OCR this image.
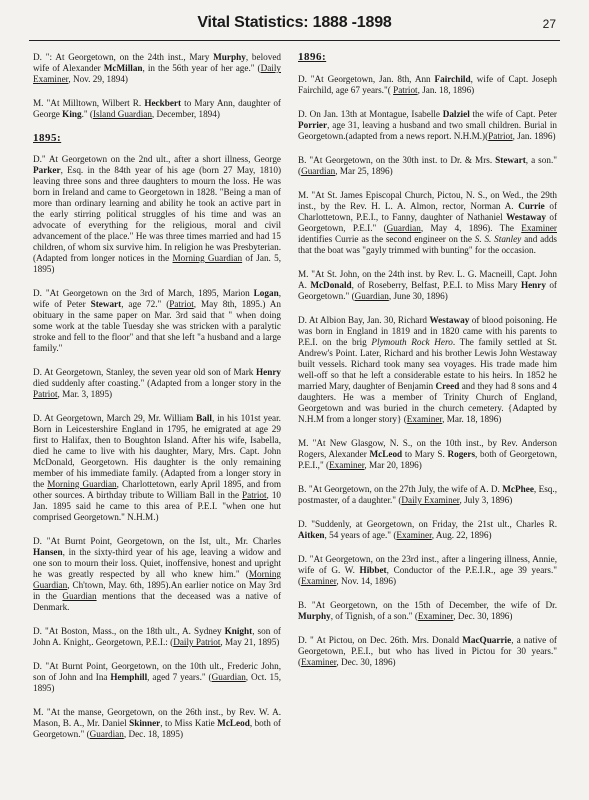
Vital Statistics: 1888 -1898	27

D. ": At Georgetown, on the 24th inst., Mary Murphy, beloved wife of Alexander McMillan, in the 56th year of her age." (Daily Examiner, Nov. 29, 1894)

M. "At Milltown, Wilbert R. Heckbert to Mary Ann, daughter of George King." (Island Guardian, December, 1894)

1895:

D." At Georgetown on the 2nd ult., after a short illness, George Parker, Esq. in the 84th year of his age (born 27 May, 1810) leaving three sons and three daughters to mourn the loss. He was born in Ireland and came to Georgetown in 1828. "Being a man of more than ordinary learning and ability he took an active part in the early stirring political struggles of his time and was an advocate of everything for the religious, moral and civil advancement of the place." He was three times married and had 15 children, of whom six survive him. In religion he was Presbyterian. (Adapted from longer notices in the Morning Guardian of Jan. 5, 1895)

D. "At Georgetown on the 3rd of March, 1895, Marion Logan, wife of Peter Stewart, age 72." (Patriot, May 8th, 1895.) An obituary in the same paper on Mar. 3rd said that " when doing some work at the table Tuesday she was stricken with a paralytic stroke and fell to the floor" and that she left "a husband and a large family."

D. At Georgetown, Stanley, the seven year old son of Mark Henry died suddenly after coasting." (Adapted from a longer story in the Patriot, Mar. 3, 1895)

D. At Georgetown, March 29, Mr. William Ball, in his 101st year. Born in Leicestershire England in 1795, he emigrated at age 29 first to Halifax, then to Boughton Island. After his wife, Isabella, died he came to live with his daughter, Mary, Mrs. Capt. John McDonald, Georgetown. His daughter is the only remaining member of his immediate family. (Adapted from a longer story in the Morning Guardian, Charlottetown, early April 1895, and from other sources. A birthday tribute to William Ball in the Patriot, 10 Jan. 1895 said he came to this area of P.E.I. "when one hut comprised Georgetown." N.H.M.)

D. "At Burnt Point, Georgetown, on the Ist, ult., Mr. Charles Hansen, in the sixty-third year of his age, leaving a widow and one son to mourn their loss. Quiet, inoffensive, honest and upright he was greatly respected by all who knew him." (Morning Guardian, Ch'town, May. 6th, 1895).An earlier notice on May 3rd in the Guardian mentions that the deceased was a native of Denmark.

D. "At Boston, Mass., on the 18th ult., A. Sydney Knight, son of John A. Knight,. Georgetown, P.E.I.: (Daily Patriot, May 21, 1895)

D. "At Burnt Point, Georgetown, on the 10th ult., Frederic John, son of John and Ina Hemphill, aged 7 years." (Guardian, Oct. 15, 1895)

M. "At the manse, Georgetown, on the 26th inst., by Rev. W. A. Mason, B. A., Mr. Daniel Skinner, to Miss Katie McLeod, both of Georgetown." (Guardian, Dec. 18, 1895)

1896:

D. "At Georgetown, Jan. 8th, Ann Fairchild, wife of Capt. Joseph Fairchild, age 67 years."( Patriot, Jan. 18, 1896)

D. On Jan. 13th at Montague, Isabelle Dalziel the wife of Capt. Peter Porrier, age 31, leaving a husband and two small children. Burial in Georgetown.(adapted from a news report. N.H.M.)(Patriot, Jan. 1896)

B. "At Georgetown, on the 30th inst. to Dr. & Mrs. Stewart, a son." (Guardian, Mar 25, 1896)

M. "At St. James Episcopal Church, Pictou, N. S., on Wed., the 29th inst., by the Rev. H. L. A. Almon, rector, Norman A. Currie of Charlottetown, P.E.I., to Fanny, daughter of Nathaniel Westaway of Georgetown, P.E.I." (Guardian, May 4, 1896). The Examiner identifies Currie as the second engineer on the S. S. Stanley and adds that the boat was "gayly trimmed with bunting" for the occasion.

M. "At St. John, on the 24th inst. by Rev. L. G. Macneill, Capt. John A. McDonald, of Roseberry, Belfast, P.E.I. to Miss Mary Henry of Georgetown." (Guardian, June 30, 1896)

D. At Albion Bay, Jan. 30, Richard Westaway of blood poisoning. He was born in England in 1819 and in 1820 came with his parents to P.E.I. on the brig Plymouth Rock Hero. The family settled at St. Andrew's Point. Later, Richard and his brother Lewis John Westaway built vessels. Richard took many sea voyages. His trade made him well-off so that he left a considerable estate to his heirs. In 1852 he married Mary, daughter of Benjamin Creed and they had 8 sons and 4 daughters. He was a member of Trinity Church of England, Georgetown and was buried in the church cemetery. {Adapted by N.H.M from a longer story} (Examiner, Mar. 18, 1896)

M. "At New Glasgow, N. S., on the 10th inst., by Rev. Anderson Rogers, Alexander McLeod to Mary S. Rogers, both of Georgetown, P.E.I.," (Examiner, Mar 20, 1896)

B. "At Georgetown, on the 27th July, the wife of A. D. McPhee, Esq., postmaster, of a daughter." (Daily Examiner, July 3, 1896)

D. "Suddenly, at Georgetown, on Friday, the 21st ult., Charles R. Aitken, 54 years of age." (Examiner, Aug. 22, 1896)

D. "At Georgetown, on the 23rd inst., after a lingering illness, Annie, wife of G. W. Hibbet, Conductor of the P.E.I.R., age 39 years." (Examiner, Nov. 14, 1896)

B. "At Georgetown, on the 15th of December, the wife of Dr. Murphy, of Tignish, of a son." (Examiner, Dec. 30, 1896)

D. " At Pictou, on Dec. 26th. Mrs. Donald MacQuarrie, a native of Georgetown, P.E.I., but who has lived in Pictou for 30 years." (Examiner, Dec. 30, 1896)
